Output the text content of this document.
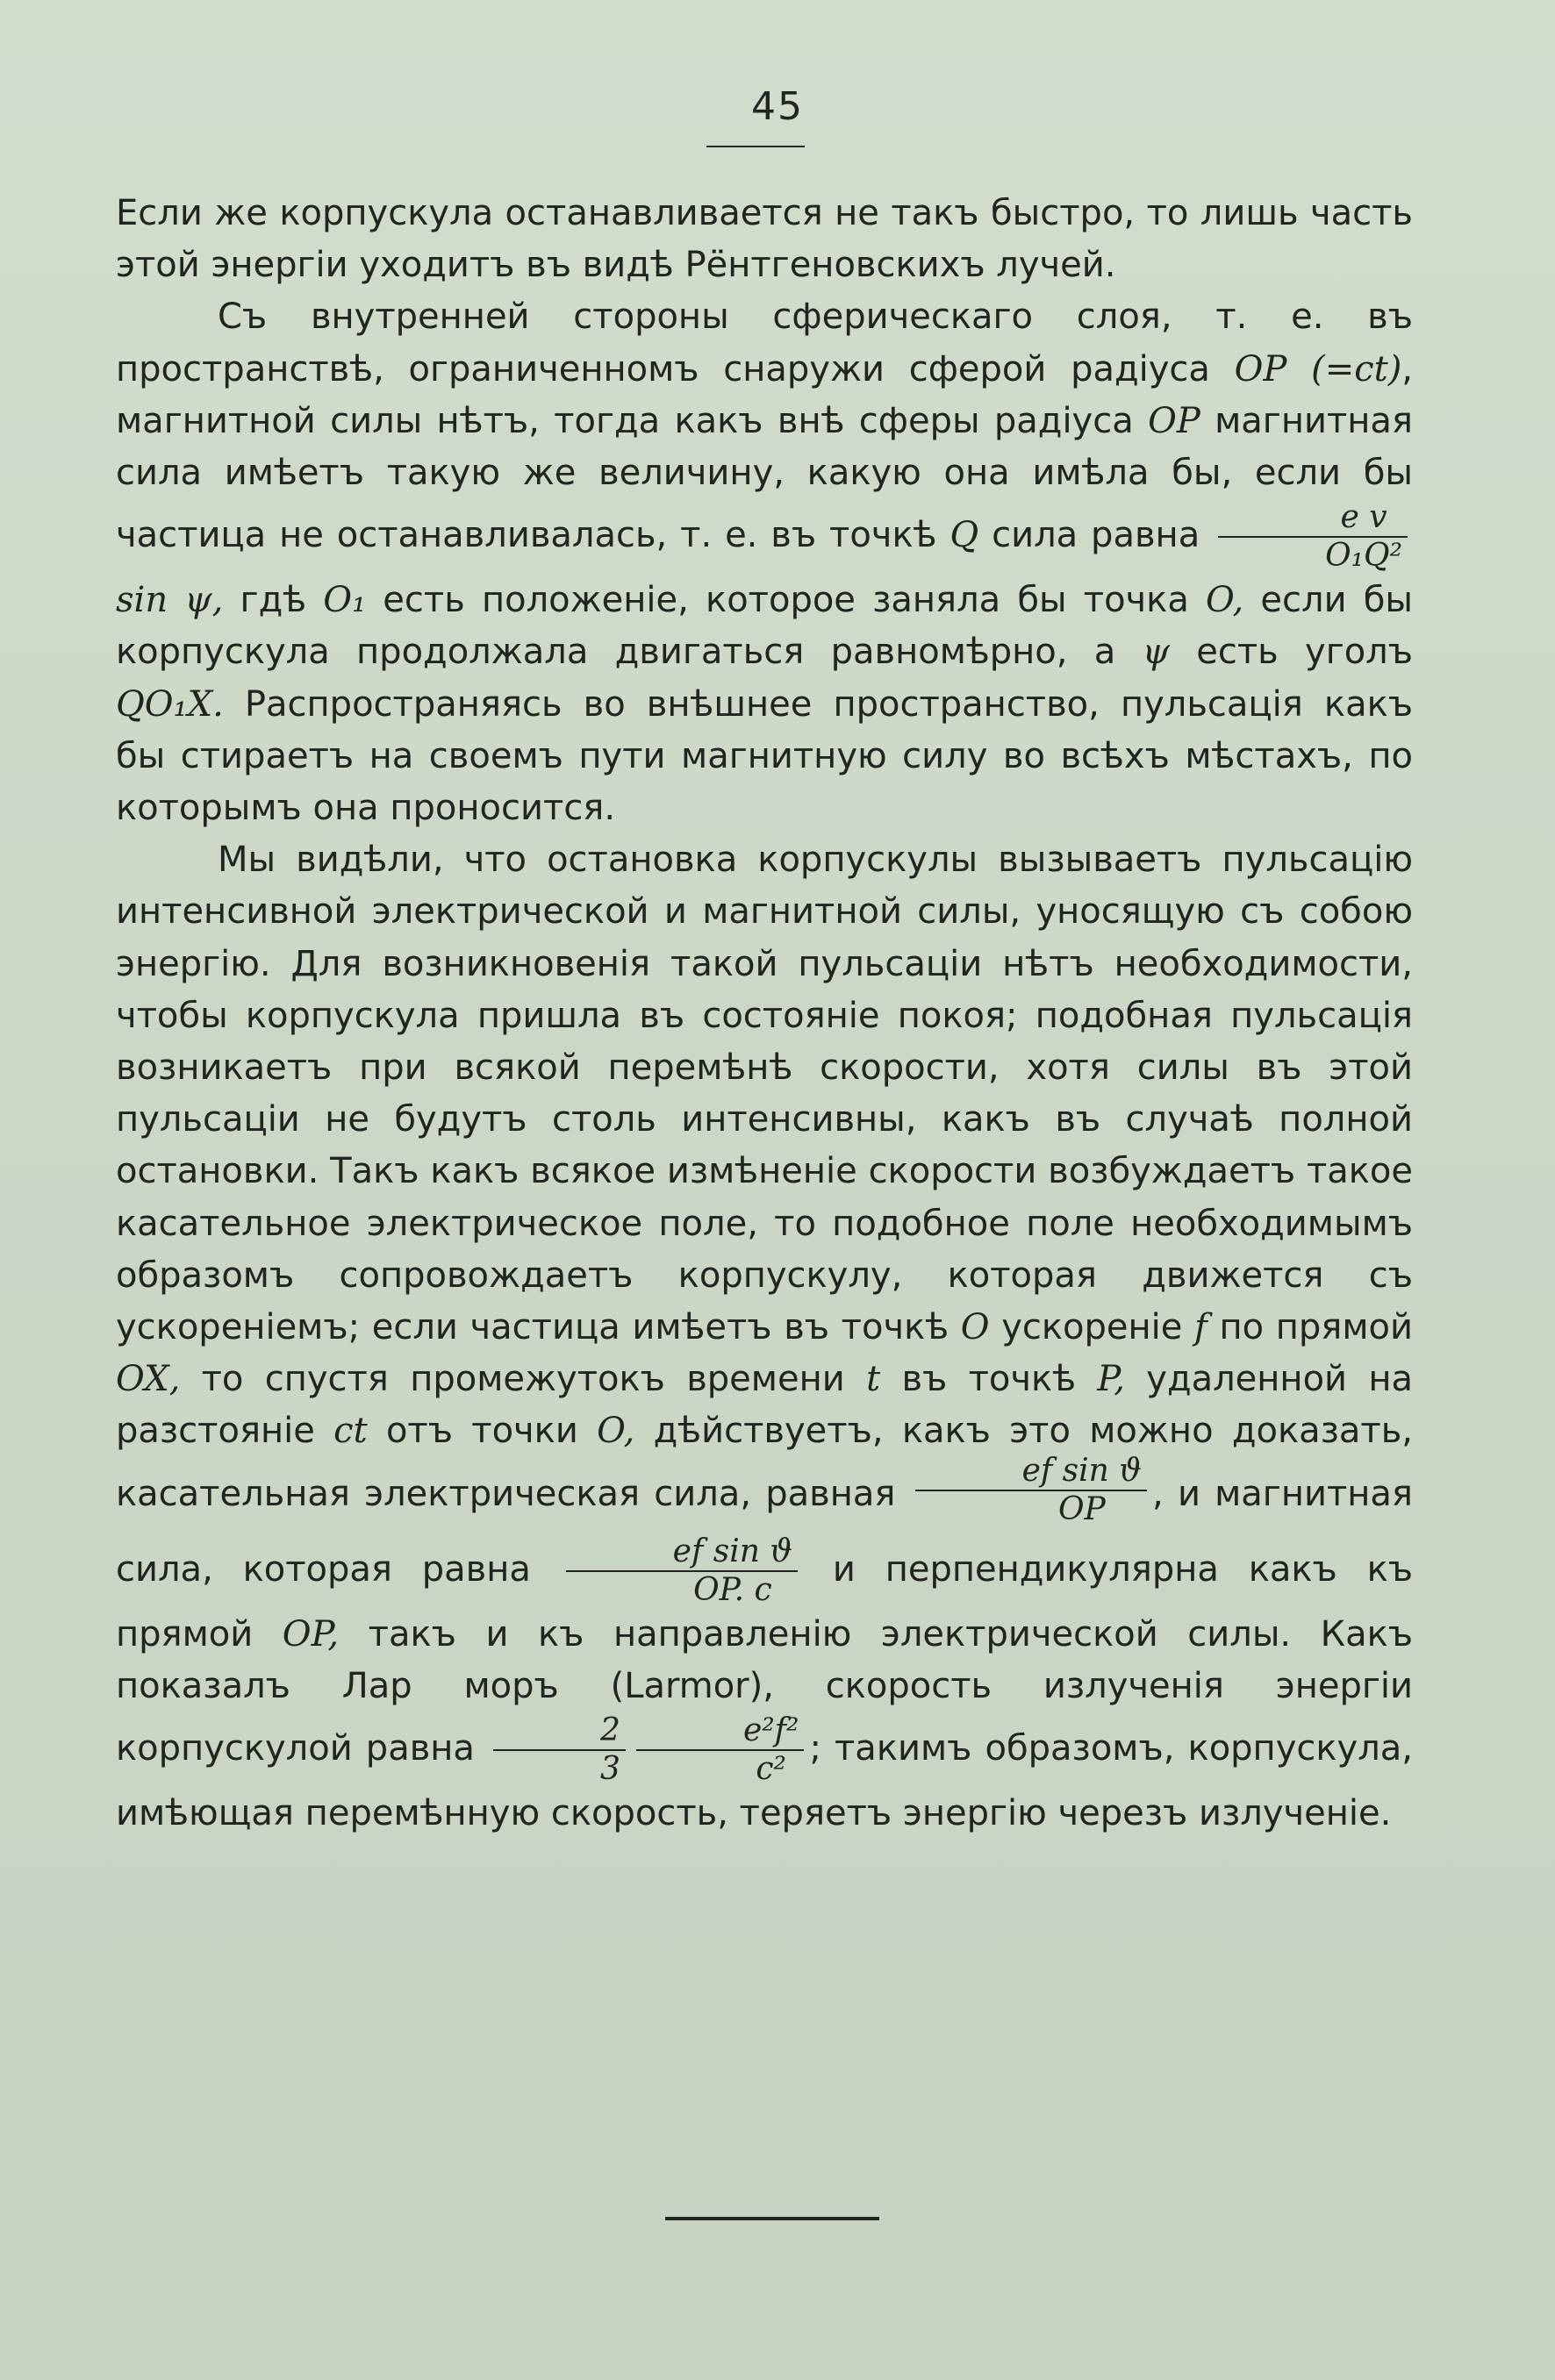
45

Если же корпускула останавливается не такъ быстро, то лишь часть этой энергіи уходитъ въ видѣ Рёнтгеновскихъ лучей.

Съ внутренней стороны сферическаго слоя, т. е. въ пространствѣ, ограниченномъ снаружи сферой радіуса OP (=ct), магнитной силы нѣтъ, тогда какъ внѣ сферы радіуса OP магнитная сила имѣетъ такую же величину, какую она имѣла бы, если бы частица не останавливалась, т. е. въ точкѣ Q сила равна $\frac{\text{e v}}{\text{O₁Q²}}$
sin ψ, гдѣ O₁ есть положеніе, которое заняла бы точка O, если бы корпускула продолжала двигаться равномѣрно, а ψ есть уголъ QO₁X. Распространяясь во внѣшнее пространство, пульсація какъ бы стираетъ на своемъ пути магнитную силу во всѣхъ мѣстахъ, по которымъ она проносится.

Мы видѣли, что остановка корпускулы вызываетъ пульсацію интенсивной электрической и магнитной силы, уносящую съ собою энергію. Для возникновенія такой пульсаціи нѣтъ необходимости, чтобы корпускула пришла въ состояніе покоя; подобная пульсація возникаетъ при всякой перемѣнѣ скорости, хотя силы въ этой пульсаціи не будутъ столь интенсивны, какъ въ случаѣ полной остановки. Такъ какъ всякое измѣненіе скорости возбуждаетъ такое касательное электрическое поле, то подобное поле необходимымъ образомъ сопровождаетъ корпускулу, которая движется съ ускореніемъ; если частица имѣетъ въ точкѣ O ускореніе f по прямой OX, то спустя промежутокъ времени t въ точкѣ P, удаленной на разстояніе ct отъ точки O, дѣйствуетъ, какъ это можно доказать, касательная электрическая сила, равная $\frac{\text{ef sin ϑ}}{OP}$ , и магнитная сила, которая равна $\frac{\text{ef sin ϑ}}{OP. c}$ и перпендикулярна какъ къ прямой OP, такъ и къ направленію электрической силы. Какъ показалъ Лар моръ (Larmor), скорость излученія энергіи корпускулой равна $\frac{2}{3} \frac{\text{e²f²}}{\text{c²}}$ ; такимъ образомъ, корпускула, имѣющая перемѣнную скорость, теряетъ энергію черезъ излученіе.
